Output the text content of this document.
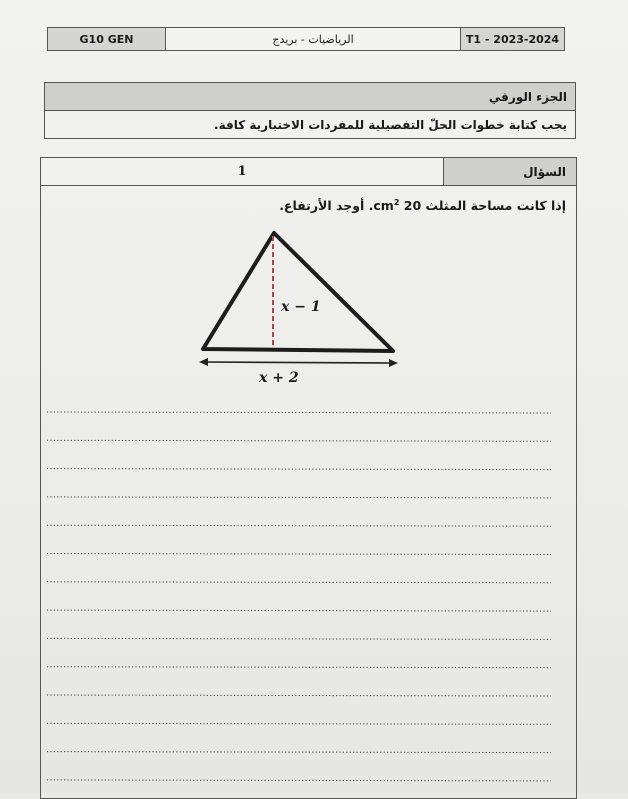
G10 GEN	الرياضيات - بريدج	T1 - 2023-2024
الجزء الورقي
يجب كتابة خطوات الحلّ التفصيلية للمفردات الاختبارية كافة.
1	السؤال
إذا كانت مساحة المثلث 20 $cm^2$. أوجد الأرتفاع.
x − 1
x + 2
